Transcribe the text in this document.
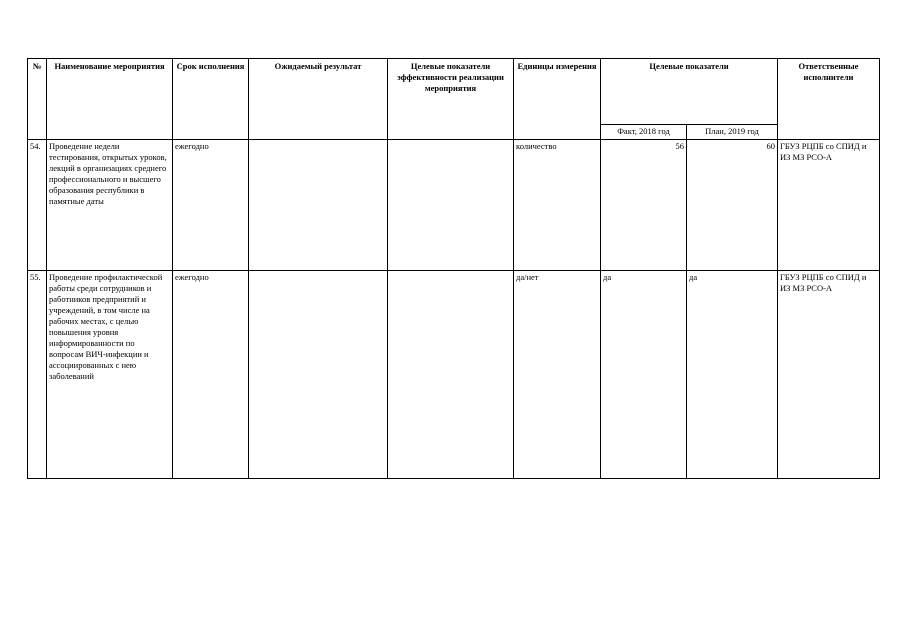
№	Наименование мероприятия	Срок исполнения	Ожидаемый результат	Целевые показатели эффективности реализации мероприятия	Единицы измерения	Целевые показатели		Ответственные исполнители
						Факт, 2018 год	План, 2019 год	
54.	Проведение недели тестирования, открытых уроков, лекций в организациях среднего профессионального и высшего образования республики в памятные даты	ежегодно			количество	56	60	ГБУЗ РЦПБ со СПИД и ИЗ МЗ РСО-А
55.	Проведение профилактической работы среди сотрудников и работников предприятий и учреждений, в том числе на рабочих местах, с целью повышения уровня информированности по вопросам ВИЧ-инфекции и ассоциированных с нею заболеваний	ежегодно			да/нет	да	да	ГБУЗ РЦПБ со СПИД и ИЗ МЗ РСО-А
